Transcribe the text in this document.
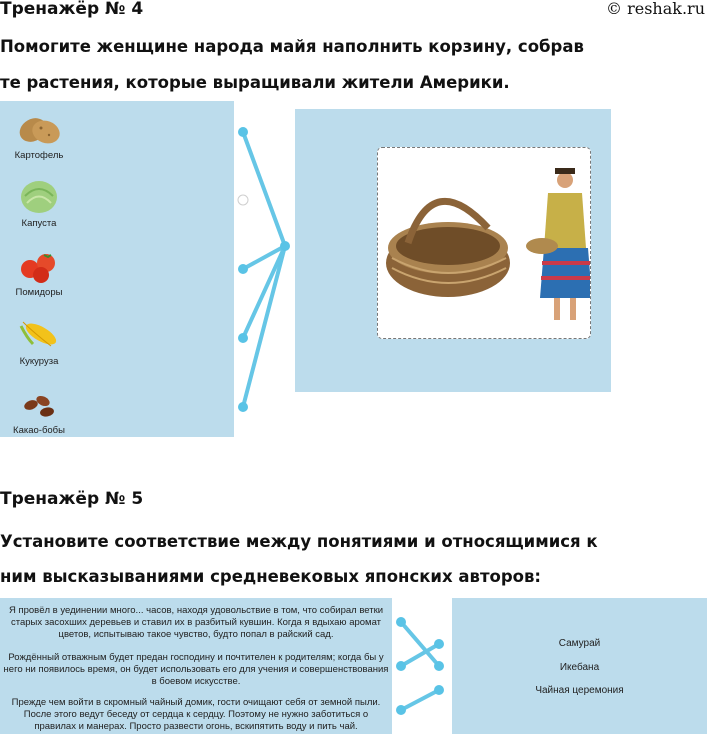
Тренажёр № 4	© reshak.ru
Помогите женщине народа майя наполнить корзину, собрав
те растения, которые выращивали жители Америки.
Картофель
Капуста
Помидоры
Кукуруза
Какао-бобы
Тренажёр № 5
Установите соответствие между понятиями и относящимися к
ним высказываниями средневековых японских авторов:
Я провёл в уединении много... часов, находя удовольствие в том, что собирал ветки
старых засохших деревьев и ставил их в разбитый кувшин. Когда я вдыхаю аромат
цветов, испытываю такое чувство, будто попал в райский сад.
Рождённый отважным будет предан господину и почтителен к родителям; когда бы у
него ни появилось время, он будет использовать его для учения и совершенствования
в боевом искусстве.
Прежде чем войти в скромный чайный домик, гости очищают себя от земной пыли.
После этого ведут беседу от сердца к сердцу. Поэтому не нужно заботиться о
правилах и манерах. Просто развести огонь, вскипятить воду и пить чай.
Самурай
Икебана
Чайная церемония
